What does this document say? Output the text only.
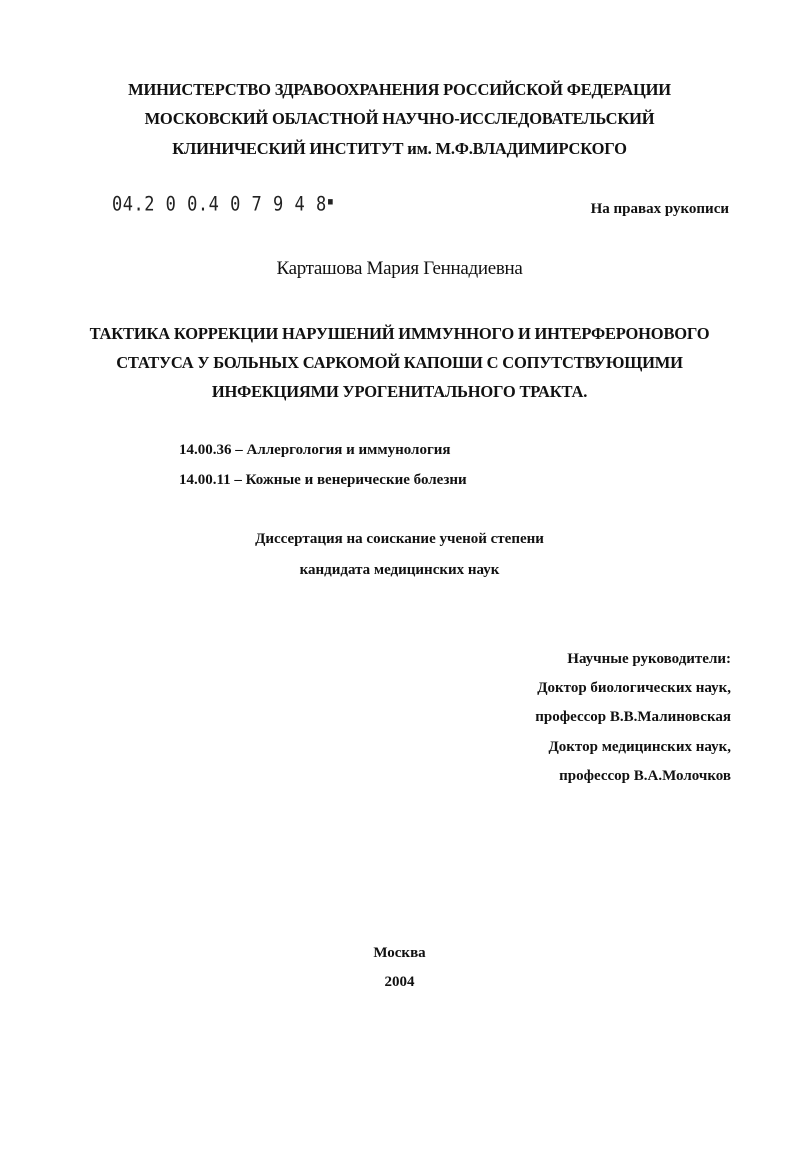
МИНИСТЕРСТВО ЗДРАВООХРАНЕНИЯ РОССИЙСКОЙ ФЕДЕРАЦИИ
МОСКОВСКИЙ ОБЛАСТНОЙ НАУЧНО-ИССЛЕДОВАТЕЛЬСКИЙ
КЛИНИЧЕСКИЙ ИНСТИТУТ им. М.Ф.ВЛАДИМИРСКОГО
04.2 0 0.4 0 7 9 4 8▪	На правах рукописи
Карташова Мария Геннадиевна
ТАКТИКА КОРРЕКЦИИ НАРУШЕНИЙ ИММУННОГО И ИНТЕРФЕРОНОВОГО
СТАТУСА У БОЛЬНЫХ САРКОМОЙ КАПОШИ С СОПУТСТВУЮЩИМИ
ИНФЕКЦИЯМИ УРОГЕНИТАЛЬНОГО ТРАКТА.
14.00.36 – Аллергология и иммунология
14.00.11 – Кожные и венерические болезни
Диссертация на соискание ученой степени
кандидата медицинских наук
Научные руководители:
Доктор биологических наук,
профессор В.В.Малиновская
Доктор медицинских наук,
профессор В.А.Молочков
Москва
2004
